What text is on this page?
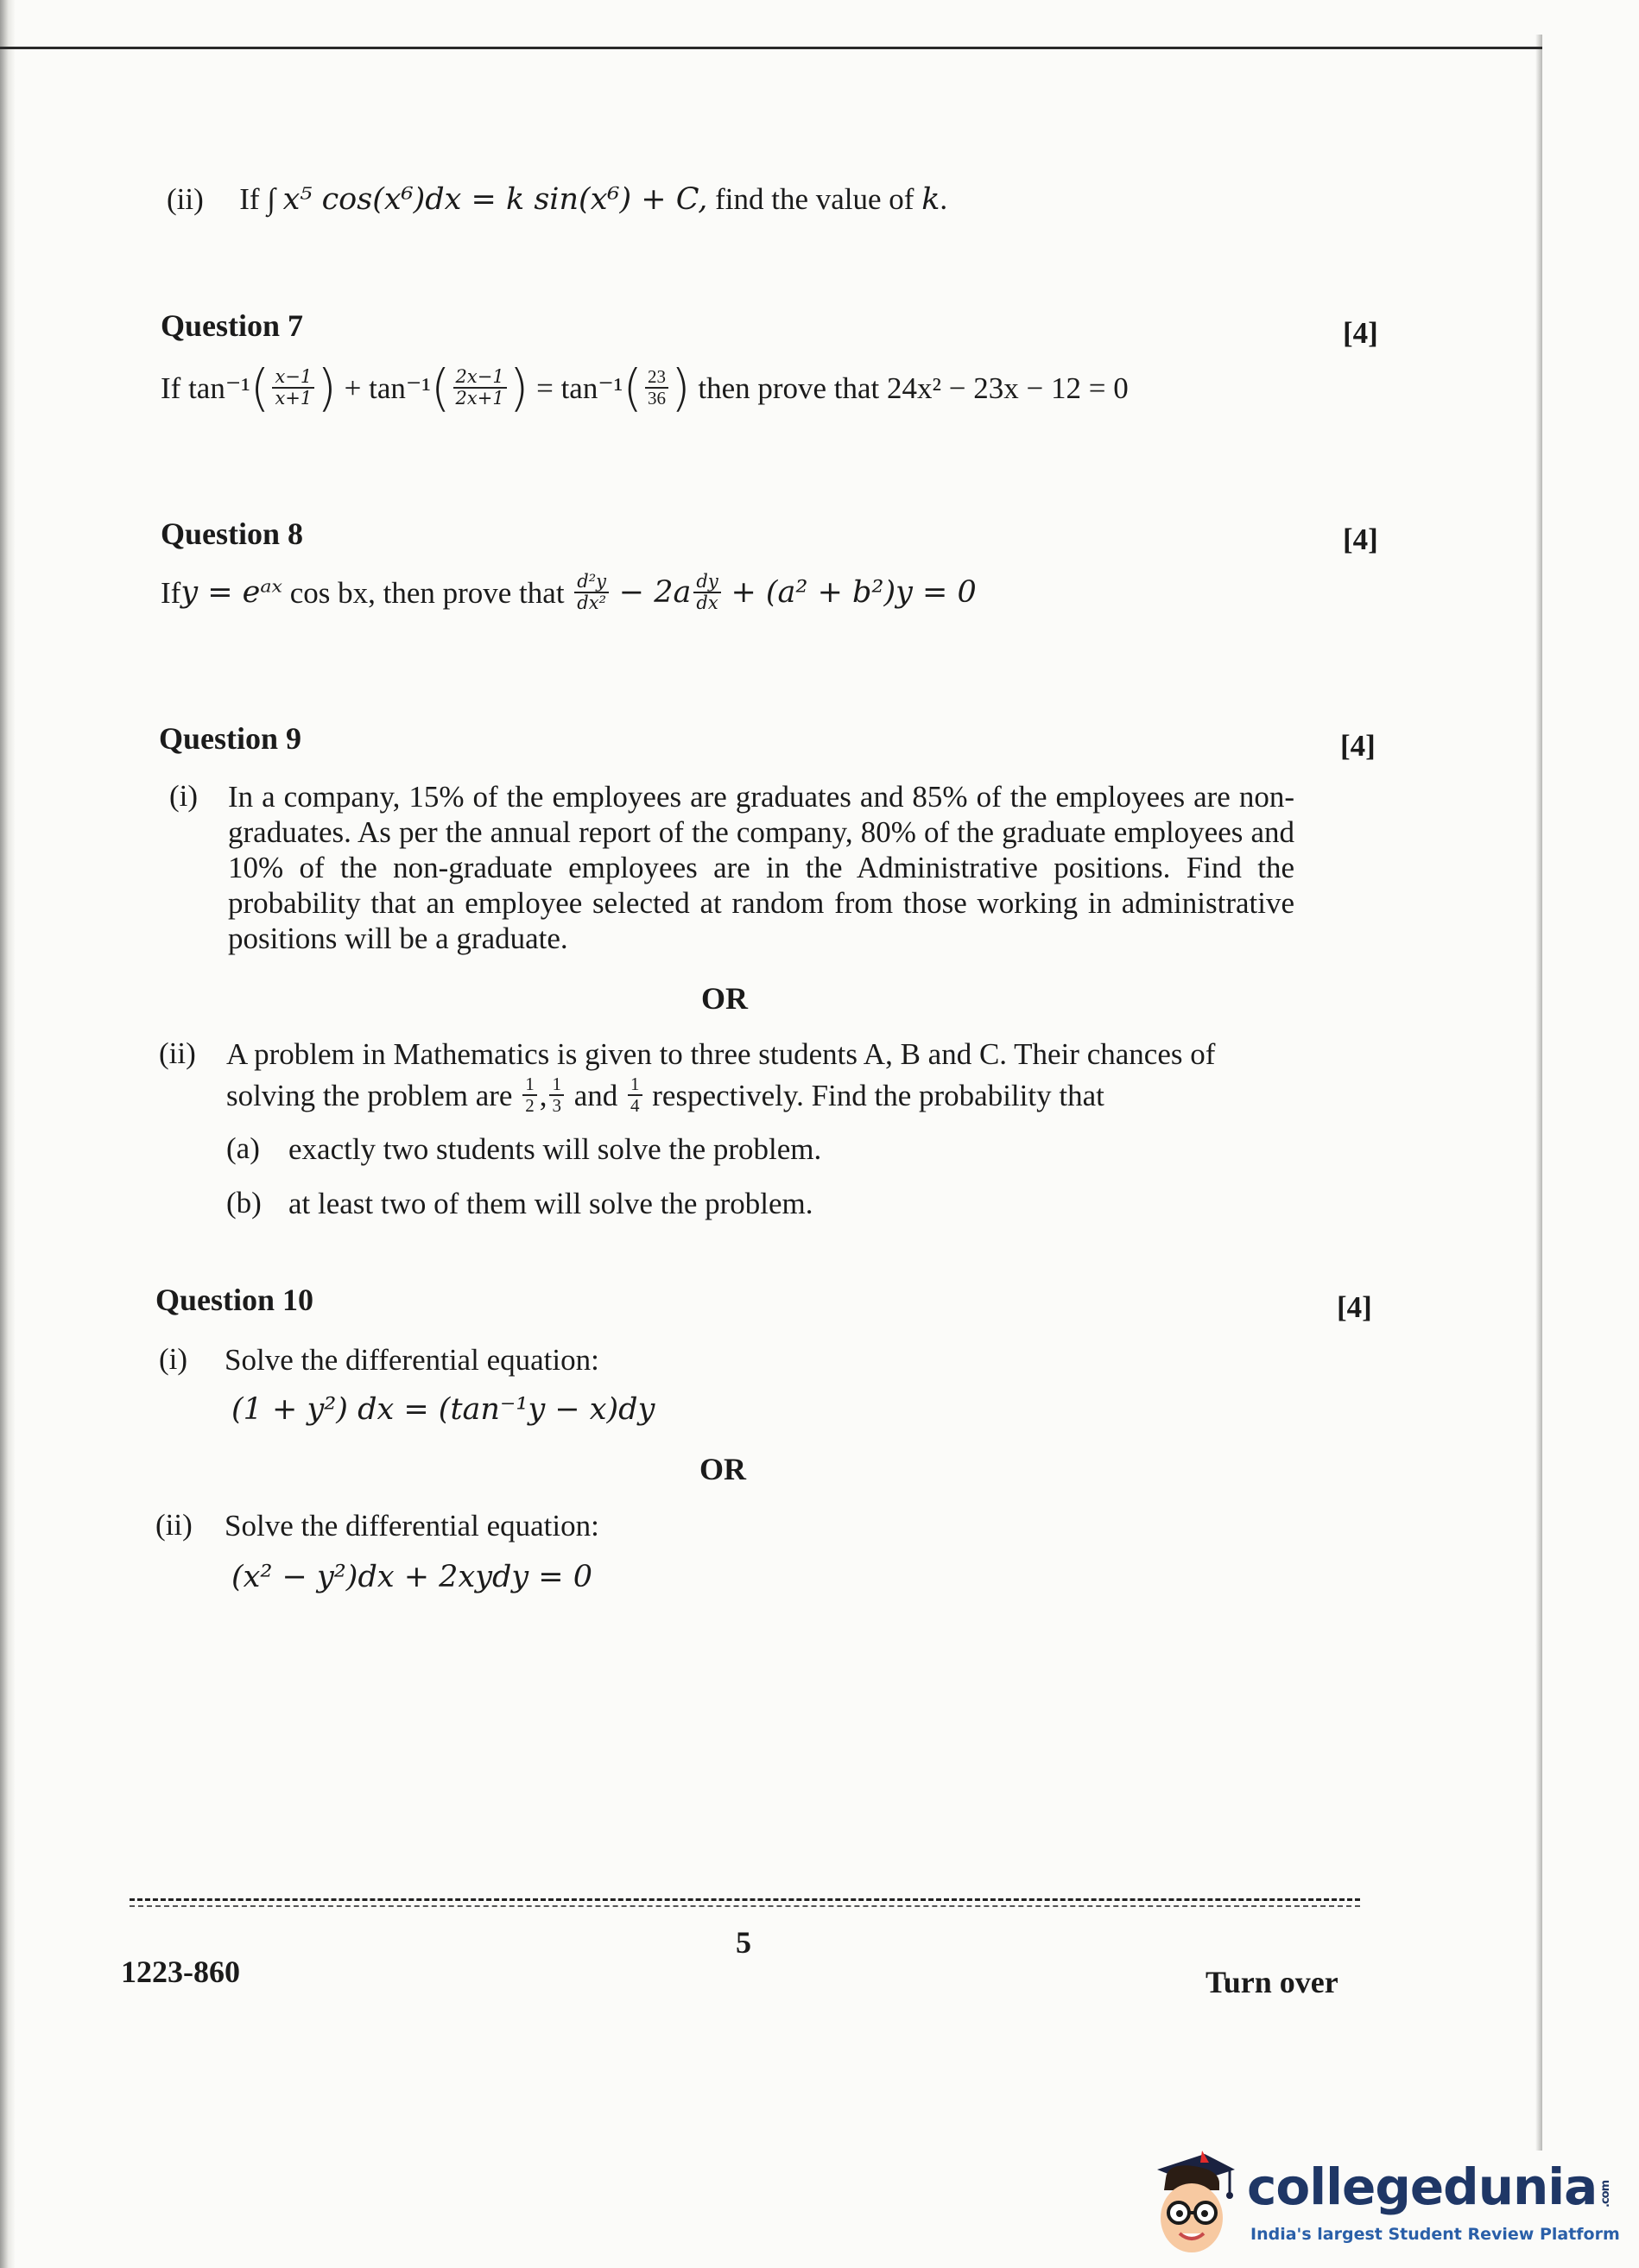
(ii) If ∫ x⁵ cos(x⁶)dx = k sin(x⁶) + C, find the value of k.
Question 7	[4]
If
tan⁻¹ ( $\frac{x-1}{x+1}$ )
+
tan⁻¹ ( $\frac{2x-1}{2x+1}$ )
=
tan⁻¹ ( $\frac{23}{36}$ )
then prove that 24x² − 23x − 12 = 0
Question 8	[4]
If y = eᵃˣ cos bx, then prove that $\frac{\text{d²y}}{\text{dx²}}$
− $2a \frac{dy}{dx}$
+ (a² + b²)y = 0
Question 9	[4]
(i) In a company, 15% of the employees are graduates and 85% of the employees are non-graduates. As per the annual report of the company, 80% of the graduate employees and 10% of the non-graduate employees are in the Administrative positions. Find the probability that an employee selected at random from those working in administrative positions will be a graduate.
OR
(ii) A problem in Mathematics is given to three students A, B and C. Their chances of
solving the problem are $\frac{1}{2}$ , $\frac{1}{3}$ and $\frac{1}{4}$ respectively. Find the probability that
(a) exactly two students will solve the problem.
(b) at least two of them will solve the problem.
Question 10	[4]
(i) Solve the differential equation:
(1 + y²) dx = (tan⁻¹y − x)dy
OR
(ii) Solve the differential equation:
(x² − y²)dx + 2xydy = 0
5
1223-860	Turn over
collegedunia .com
India's largest Student Review Platform
